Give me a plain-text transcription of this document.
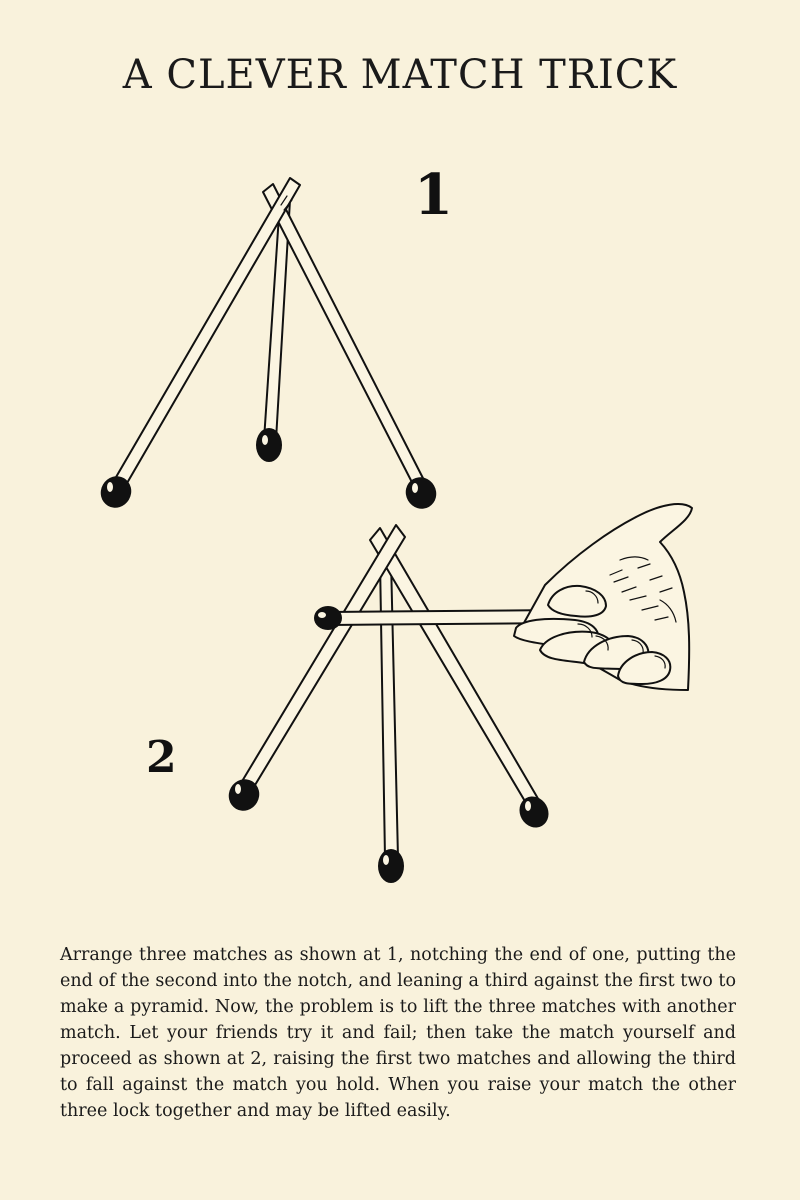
A CLEVER MATCH TRICK
1
2

Arrange three matches as shown at 1, notching the end of one, putting the end of the second into the notch, and leaning a third against the first two to make a pyramid. Now, the problem is to lift the three matches with another match. Let your friends try it and fail; then take the match yourself and proceed as shown at 2, raising the first two matches and allowing the third to fall against the match you hold. When you raise your match the other three lock together and may be lifted easily.
